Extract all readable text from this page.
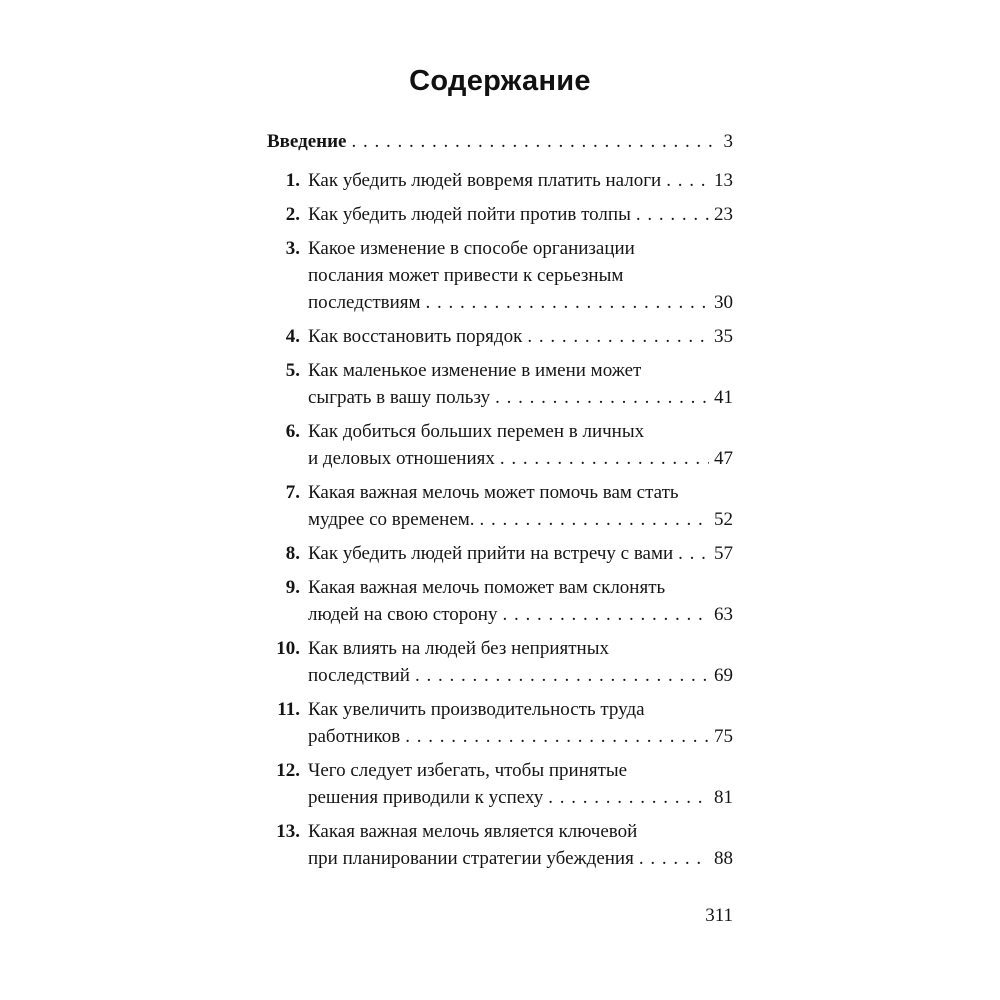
Содержание
Введение . . .	3
1. Как убедить людей вовремя платить налоги . . .	13
2. Как убедить людей пойти против толпы . . .	23
3. Какое изменение в способе организации
послания может привести к серьезным
последствиям . . .	30
4. Как восстановить порядок . . .	35
5. Как маленькое изменение в имени может
сыграть в вашу пользу . . .	41
6. Как добиться больших перемен в личных
и деловых отношениях . . .	47
7. Какая важная мелочь может помочь вам стать
мудрее со временем. . . .	52
8. Как убедить людей прийти на встречу с вами . . . 57
9. Какая важная мелочь поможет вам склонять
людей на свою сторону . . .	63
10. Как влиять на людей без неприятных
последствий . . .	69
11. Как увеличить производительность труда
работников . . .	75
12. Чего следует избегать, чтобы принятые
решения приводили к успеху . . .	81
13. Какая важная мелочь является ключевой
при планировании стратегии убеждения . . .	88
311
